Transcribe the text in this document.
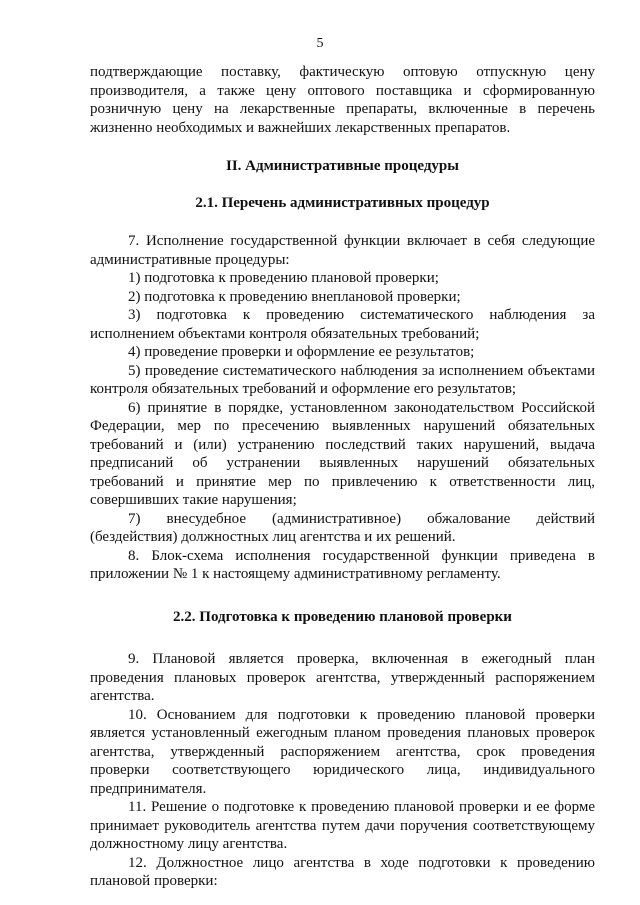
5

подтверждающие поставку, фактическую оптовую отпускную цену производителя, а также цену оптового поставщика и сформированную розничную цену на лекарственные препараты, включенные в перечень жизненно необходимых и важнейших лекарственных препаратов.

II. Административные процедуры
2.1. Перечень административных процедур

7. Исполнение государственной функции включает в себя следующие административные процедуры:

1) подготовка к проведению плановой проверки;

2) подготовка к проведению внеплановой проверки;

3) подготовка к проведению систематического наблюдения за исполнением объектами контроля обязательных требований;

4) проведение проверки и оформление ее результатов;

5) проведение систематического наблюдения за исполнением объектами контроля обязательных требований и оформление его результатов;

6) принятие в порядке, установленном законодательством Российской Федерации, мер по пресечению выявленных нарушений обязательных требований и (или) устранению последствий таких нарушений, выдача предписаний об устранении выявленных нарушений обязательных требований и принятие мер по привлечению к ответственности лиц, совершивших такие нарушения;

7) внесудебное (административное) обжалование действий (бездействия) должностных лиц агентства и их решений.

8. Блок-схема исполнения государственной функции приведена в приложении № 1 к настоящему административному регламенту.

2.2. Подготовка к проведению плановой проверки

9. Плановой является проверка, включенная в ежегодный план проведения плановых проверок агентства, утвержденный распоряжением агентства.

10. Основанием для подготовки к проведению плановой проверки является установленный ежегодным планом проведения плановых проверок агентства, утвержденный распоряжением агентства, срок проведения проверки соответствующего юридического лица, индивидуального предпринимателя.

11. Решение о подготовке к проведению плановой проверки и ее форме принимает руководитель агентства путем дачи поручения соответствующему должностному лицу агентства.

12. Должностное лицо агентства в ходе подготовки к проведению плановой проверки:
